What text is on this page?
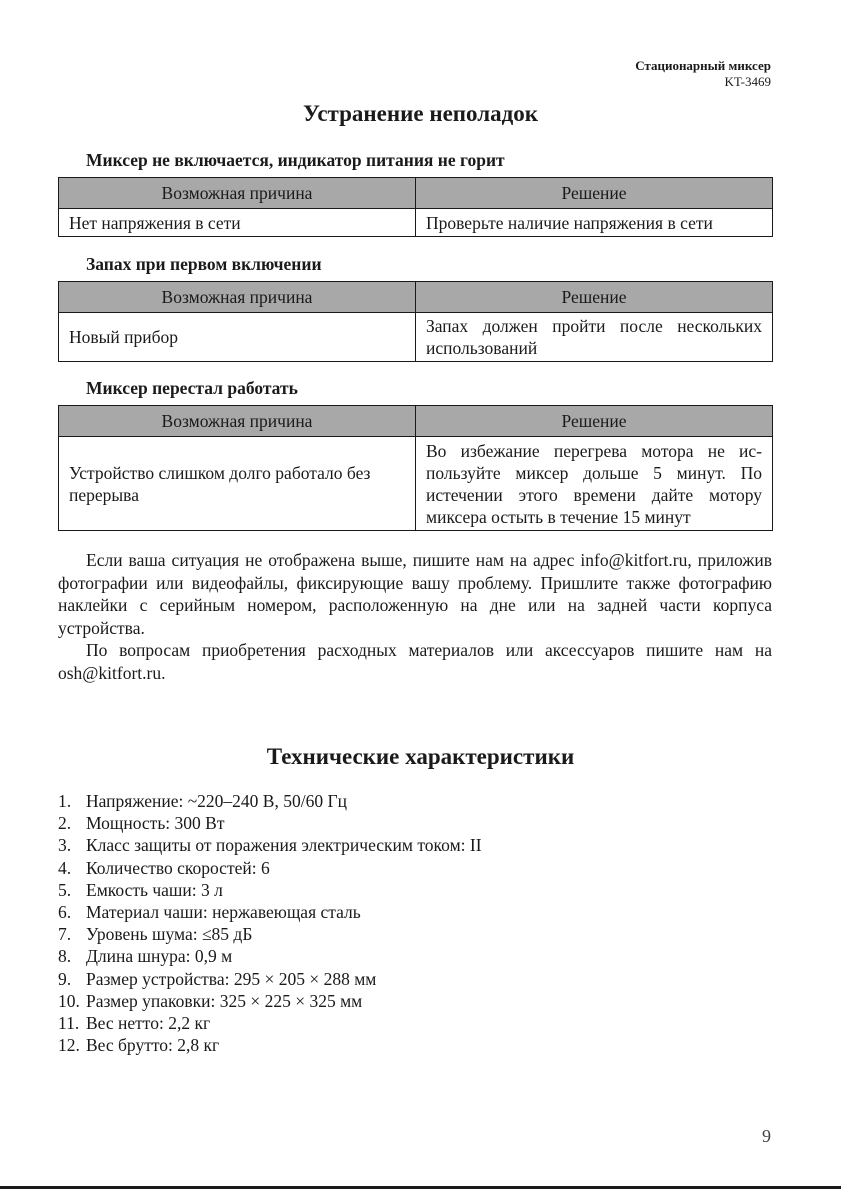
Стационарный миксер
KT-3469
Устранение неполадок
Миксер не включается, индикатор питания не горит
Возможная причина	Решение
Нет напряжения в сети	Проверьте наличие напряжения в сети
Запах при первом включении
Возможная причина	Решение
Новый прибор	Запах должен пройти после нескольких использований
Миксер перестал работать
Возможная причина	Решение
Устройство слишком долго работало без перерыва	Во избежание перегрева мотора не ис-пользуйте миксер дольше 5 минут. По истечении этого времени дайте мотору миксера остыть в течение 15 минут

Если ваша ситуация не отображена выше, пишите нам на адрес info@kitfort.ru, приложив фотографии или видеофайлы, фиксирующие вашу проблему. Пришлите также фотографию наклейки с серийным номером, расположенную на дне или на задней части корпуса устройства.

По вопросам приобретения расходных материалов или аксессуаров пишите нам на osh@kitfort.ru.

Технические характеристики
1. Напряжение: ~220–240 В, 50/60 Гц
2. Мощность: 300 Вт
3. Класс защиты от поражения электрическим током: II
4. Количество скоростей: 6
5. Емкость чаши: 3 л
6. Материал чаши: нержавеющая сталь
7. Уровень шума: ≤85 дБ
8. Длина шнура: 0,9 м
9. Размер устройства: 295 × 205 × 288 мм
10. Размер упаковки: 325 × 225 × 325 мм
11. Вес нетто: 2,2 кг
12. Вес брутто: 2,8 кг
9
